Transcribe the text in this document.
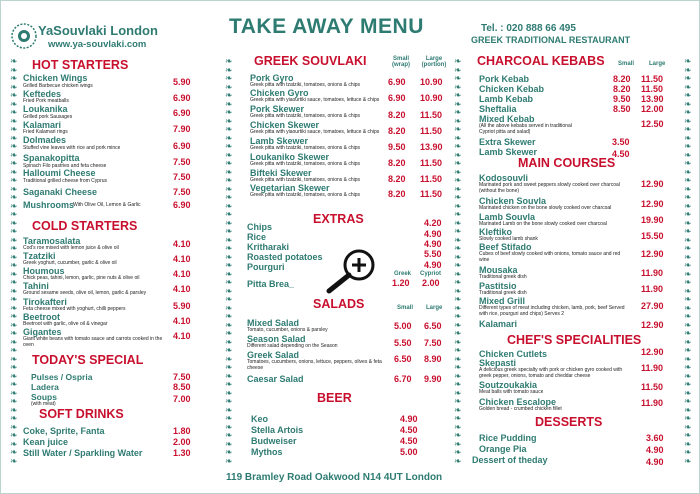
YaSouvlaki London
www.ya-souvlaki.com
TAKE AWAY MENU	Tel. : 020 888 66 495
GREEK TRADITIONAL RESTAURANT
❧
❧
❧
❧
❧
❧
❧
❧
❧
❧
❧
❧
❧
❧
❧
❧
❧
❧
❧
❧
❧
❧
❧
❧
❧
❧
❧
❧
❧
❧
❧
❧
❧
❧
❧
❧
❧
❧
❧
❧
❧
❧
❧
❧
❧
❧
❧
❧
❧
❧
❧
❧
❧
❧
❧
❧
❧
❧
❧
❧
❧
❧
❧
❧
❧
❧
❧
❧
❧
❧
❧
❧
❧
❧
❧
❧
❧
❧
❧
❧
❧
❧
❧
❧
❧
❧
❧
❧
❧
❧
❧
❧
❧
❧
❧
❧
❧
❧
❧
❧
❧
❧
❧
❧
❧
❧
❧
❧
❧
❧
❧
❧
❧
❧
❧
❧
❧
❧
❧
❧
❧
❧
❧
❧
❧
❧
❧
❧
❧
❧
❧
❧
❧
❧
❧
❧
❧
❧
❧
❧
❧
❧
❧
❧
❧
❧
❧
❧
❧
❧
❧
❧
❧
❧
❧
❧
❧
❧
❧
❧
❧
❧
❧
❧
❧
❧
❧
❧
❧
❧
❧
❧
❧
❧
❧
❧
❧
❧
❧
❧
❧
❧
❧
❧
❧
❧
❧
❧
❧
❧
❧
❧
HOT STARTERS
Chicken Wings
Grilled Barbecue chicken wings	5.90
Keftedes
Fried Pork meatballs	6.90
Loukanika
Grilled pork Sausages	6.90
Kalamari
Fried Kalamari rings	7.90
Dolmades
Stuffed vine leaves with rice and pork mince	6.90
Spanakopitta
Spinach Filo pastries and feta cheese	7.50
Halloumi Cheese
Traditional grilled cheese from Cyprus	7.50
Saganaki Cheese	7.50
Mushrooms
With Olive Oil, Lemon & Garlic	6.90
COLD STARTERS
Taramosalata
Cod's roe mixed with lemon juice & olive oil	4.10
Tzatziki
Greek yoghurt, cucumber, garlic & olive oil	4.10
Houmous
Chick peas, tahini, lemon, garlic, pine nuts & olive oil	4.10
Tahini
Ground sesame seeds, olive oil, lemon, garlic & parsley	4.10
Tirokafteri
Feta cheese mixed with yoghurt, chilli peppers	5.90
Beetroot
Beetroot with garlic, olive oil & vinegar	4.10
Gigantes
Giant white beans with tomato sauce and carrots cooked in the oven
4.10
TODAY'S SPECIAL
Pulses / Ospria	7.50
Ladera	8.50
Soups
(with meat)	7.00
SOFT DRINKS
Coke, Sprite, Fanta	1.80
Kean juice	2.00
Still Water / Sparkling Water	1.30
GREEK SOUVLAKI	Small
(wrap)
Large
(portion)
Pork Gyro
Greek pitta with tzatziki, tomatoes, onions & chips	6.90 10.90
Chicken Gyro
Greek pitta with yiaourtiki sauce, tomatoes, lettuce & chips 6.90 10.90
Pork Skewer
Greek pitta with tzatziki, tomatoes, onions & chips	8.20 11.50
Chicken Skewer
Greek pitta with yiaourtiki sauce, tomatoes, lettuce & chips 8.20 11.50
Lamb Skewer
Greek pitta with tzatziki, tomatoes, onions & chips	9.50 13.90
Loukaniko Skewer
Greek pitta with tzatziki, tomatoes, onions & chips	8.20 11.50
Bifteki Skewer
Greek pitta with tzatziki, tomatoes, onions & chips	8.20 11.50
Vegetarian Skewer
Greek pitta with tzatziki, tomatoes, onions & chips	8.20 11.50
EXTRAS
Chips	4.20
Rice	4.90
Kritharaki	4.90
Roasted potatoes	5.50
Pourguri	4.90
Greek Cypriot
Pitta Brea_	1.20 2.00
SALADS	Small Large
Mixed Salad
Tomato, cucumber, onions & parsley	5.00 6.50
Season Salad
Different salad depending on the Season	5.50 7.50
Greek Salad
Tomatoes, cucumbers, onions, lettuce, peppers, olives & feta cheese
6.50 8.90
Caesar Salad	6.70 9.90
BEER
Keo	4.90
Stella Artois	4.50
Budweiser	4.50
Mythos	5.00
CHARCOAL KEBABS Small Large
Pork Kebab	8.20 11.50
Chicken Kebab	8.20 11.50
Lamb Kebab	9.50 13.90
Sheftalia	8.50 12.00
Mixed Kebab
(All the above kebabs served in traditional
Cypriot pitta and salad)
12.50
Extra Skewer	3.50
Lamb Skewer	4.50
MAIN COURSES
Kodosouvli
Marinated pork and sweet peppers slowly cooked over charcoal (without the bone)
12.90
Chicken Souvla
Marinated chicken on the bone slowly cooked over charcoal	12.90
Lamb Souvla
Marinated Lamb on the bone slowly cooked over charcoal	19.90
Kleftiko
Slowly cooked lamb shank	15.50
Beef Stifado
Cubes of beef slowly cooked with onions, tomato sauce and red wine
12.90
Mousaka
Traditional greek dish	11.90
Pastitsio
Traditional greek dish	11.90
Mixed Grill
Different types of meat including chicken, lamb, pork, beef Served with rice, pourguri and chips) Serves 2
27.90
Kalamari	12.90
CHEF'S SPECIALITIES
Chicken Cutlets	12.90
Skepasti
A delicious greek specialty with pork or chicken gyro cooked with greek pepper, onions, tomato and cheddar cheese
11.90
Soutzoukakia
Meat balls with tomato sauce	11.50
Chicken Escalope
Golden bread - crumbed chicken fillet
11.90
DESSERTS
Rice Pudding	3.60
Orange Pia	4.90
Dessert of theday	4.90
119 Bramley Road Oakwood N14 4UT London
